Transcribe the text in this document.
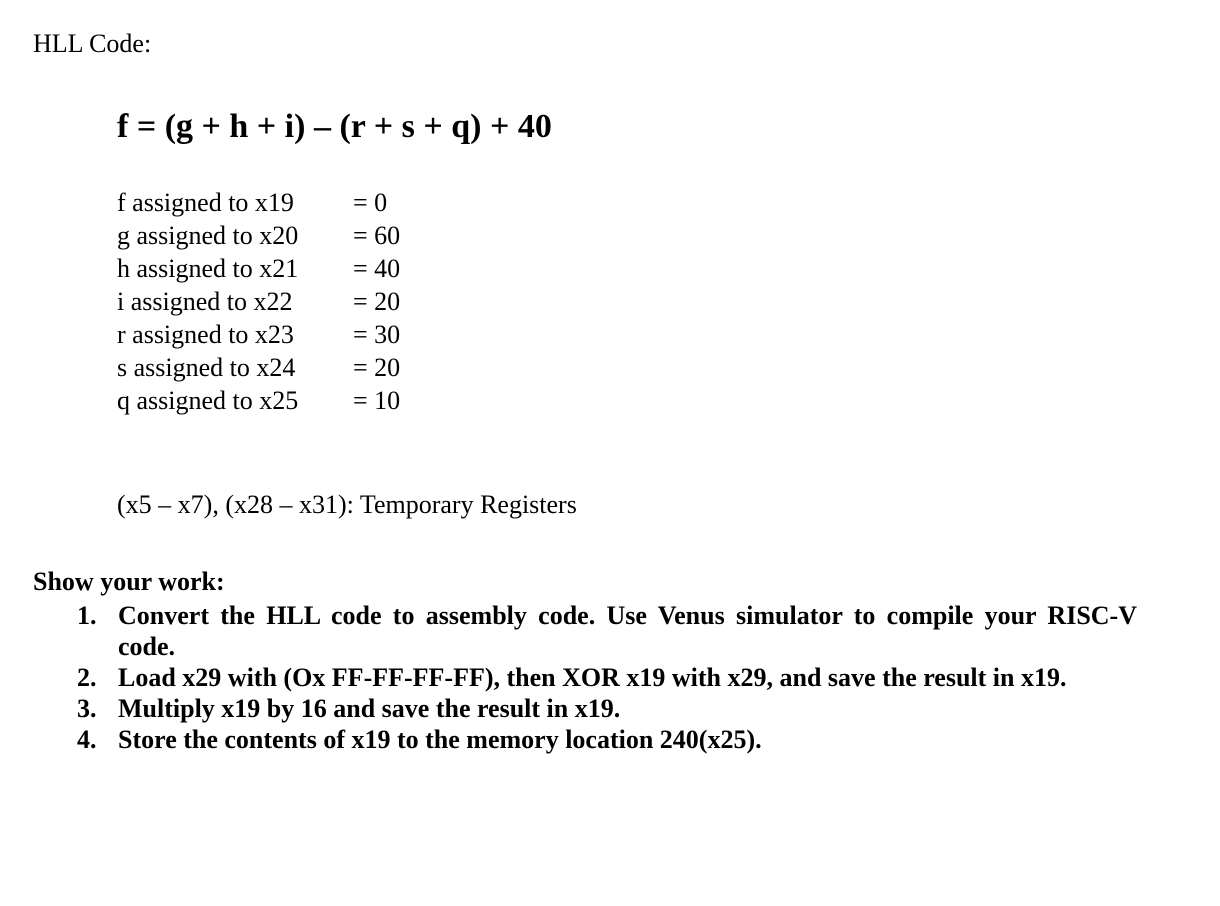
HLL Code:
f = (g + h + i) – (r + s + q) + 40
f assigned to x19	= 0
g assigned to x20	= 60
h assigned to x21	= 40
i assigned to x22	= 20
r assigned to x23	= 30
s assigned to x24	= 20
q assigned to x25	= 10
(x5 – x7), (x28 – x31): Temporary Registers
Show your work:
1. Convert the HLL code to assembly code. Use Venus simulator to compile your RISC-V code.
2. Load x29 with (Ox FF-FF-FF-FF), then XOR x19 with x29, and save the result in x19.
3. Multiply x19 by 16 and save the result in x19.
4. Store the contents of x19 to the memory location 240(x25).
